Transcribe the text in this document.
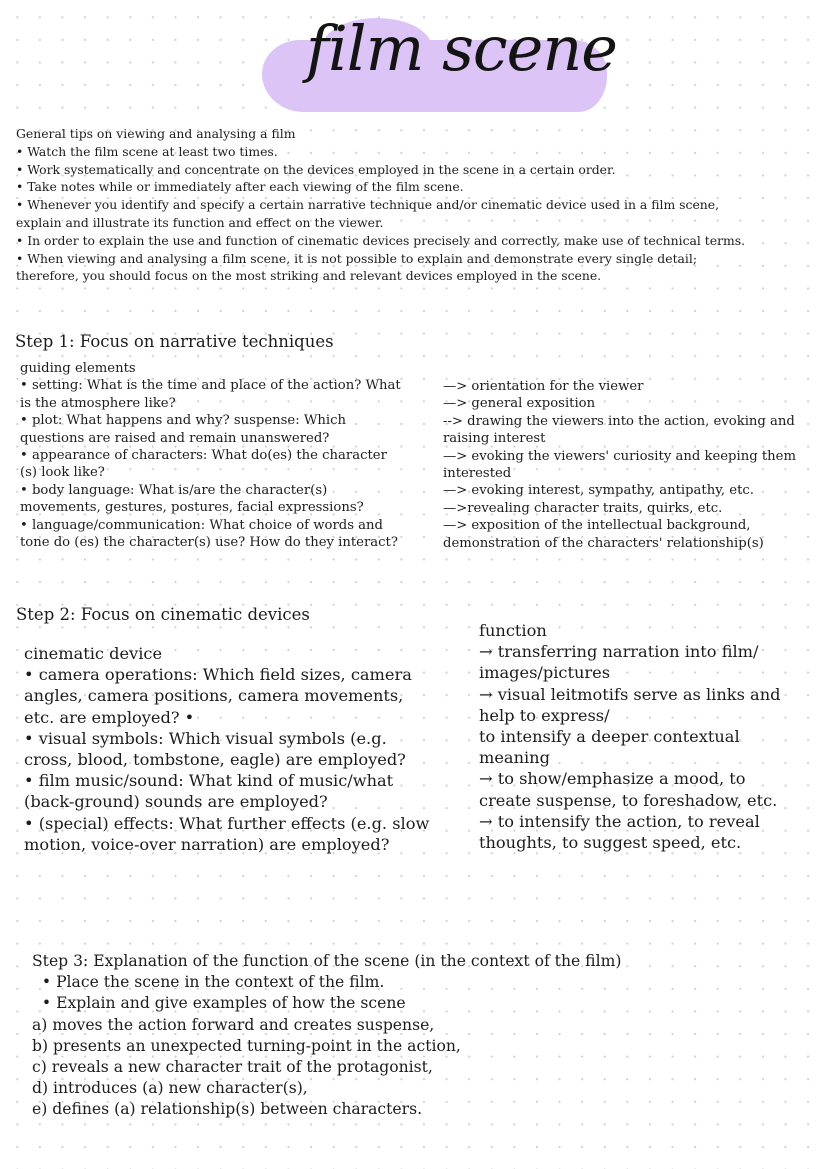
film scene
General tips on viewing and analysing a film
• Watch the film scene at least two times.
• Work systematically and concentrate on the devices employed in the scene in a certain order.
• Take notes while or immediately after each viewing of the film scene.
• Whenever you identify and specify a certain narrative technique and/or cinematic device used in a film scene,
explain and illustrate its function and effect on the viewer.
• In order to explain the use and function of cinematic devices precisely and correctly, make use of technical terms.
• When viewing and analysing a film scene, it is not possible to explain and demonstrate every single detail;
therefore, you should focus on the most striking and relevant devices employed in the scene.
Step 1: Focus on narrative techniques
guiding elements
• setting: What is the time and place of the action? What
is the atmosphere like?
• plot: What happens and why? suspense: Which
questions are raised and remain unanswered?
• appearance of characters: What do(es) the character
(s) look like?
• body language: What is/are the character(s)
movements, gestures, postures, facial expressions?
• language/communication: What choice of words and
tone do (es) the character(s) use? How do they interact?
—> orientation for the viewer
—> general exposition
--> drawing the viewers into the action, evoking and
raising interest
—> evoking the viewers' curiosity and keeping them
interested
—> evoking interest, sympathy, antipathy, etc.
—>revealing character traits, quirks, etc.
—> exposition of the intellectual background,
demonstration of the characters' relationship(s)
Step 2: Focus on cinematic devices
cinematic device
• camera operations: Which field sizes, camera
angles, camera positions, camera movements,
etc. are employed? •
• visual symbols: Which visual symbols (e.g.
cross, blood, tombstone, eagle) are employed?
• film music/sound: What kind of music/what
(back-ground) sounds are employed?
• (special) effects: What further effects (e.g. slow
motion, voice-over narration) are employed?
function
→ transferring narration into film/
images/pictures
→ visual leitmotifs serve as links and
help to express/
to intensify a deeper contextual
meaning
→ to show/emphasize a mood, to
create suspense, to foreshadow, etc.
→ to intensify the action, to reveal
thoughts, to suggest speed, etc.
Step 3: Explanation of the function of the scene (in the context of the film)
• Place the scene in the context of the film.
• Explain and give examples of how the scene
a) moves the action forward and creates suspense,
b) presents an unexpected turning-point in the action,
c) reveals a new character trait of the protagonist,
d) introduces (a) new character(s),
e) defines (a) relationship(s) between characters.
